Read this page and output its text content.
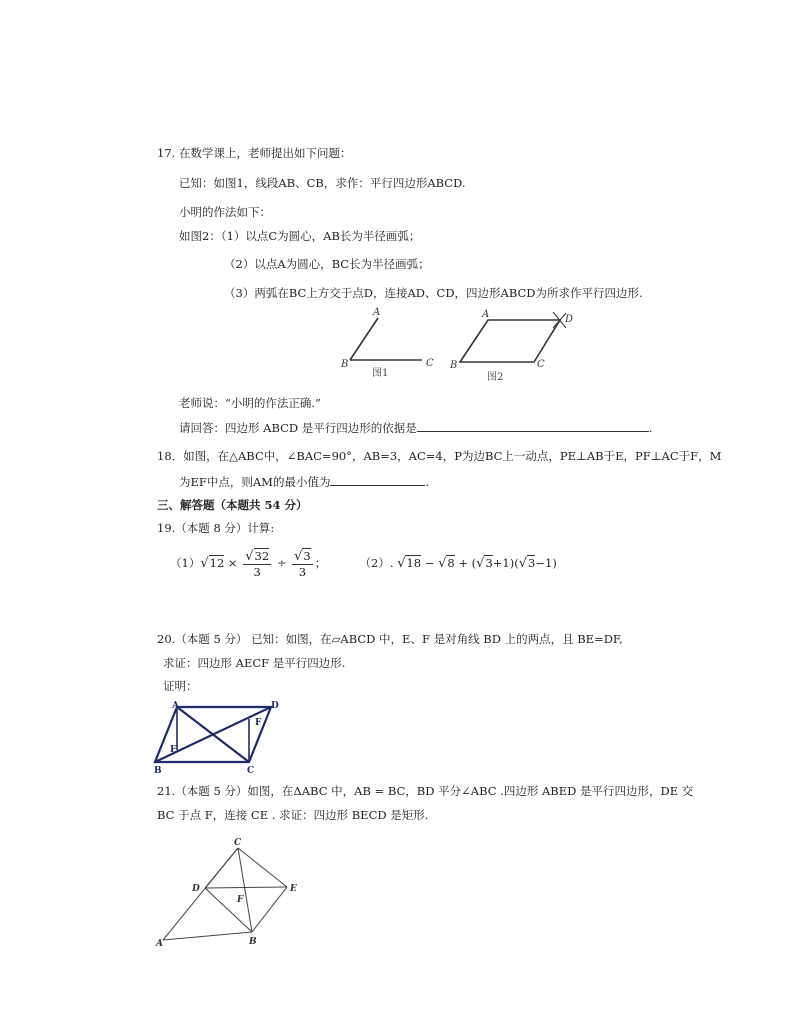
17. 在数学课上，老师提出如下问题：
已知：如图1，线段AB、CB，求作：平行四边形ABCD.
小明的作法如下：
如图2：（1）以点C为圆心，AB长为半径画弧；
（2）以点A为圆心，BC长为半径画弧；
（3）两弧在BC上方交于点D，连接AD、CD，四边形ABCD为所求作平行四边形.
A
B	C
图1
A	D
B	C
图2
A	D
F
E
B	C
C
D	E
F
A	B
老师说：“小明的作法正确.”
请回答：四边形 ABCD 是平行四边形的依据是	.
18．如图，在△ABC中，∠BAC=90°，AB=3，AC=4，P为边BC上一动点，PE⊥AB于E，PF⊥AC于F，M
为EF中点，则AM的最小值为	.
三、解答题（本题共 54 分）
19.（本题 8 分）计算:
$(1)√12 \times \frac{√32}{3} \div \frac{√3}{3}$ ；	（2）. √18 − √8 + (√3+1)(√3−1)
20.（本题 5 分） 已知：如图，在▱ABCD 中，E、F 是对角线 BD 上的两点，且 BE=DF,
求证：四边形 AECF 是平行四边形.
证明：
21.（本题 5 分）如图，在ΔABC 中，AB = BC，BD 平分∠ABC .四边形 ABED 是平行四边形，DE 交
BC 于点 F，连接 CE . 求证：四边形 BECD 是矩形.
